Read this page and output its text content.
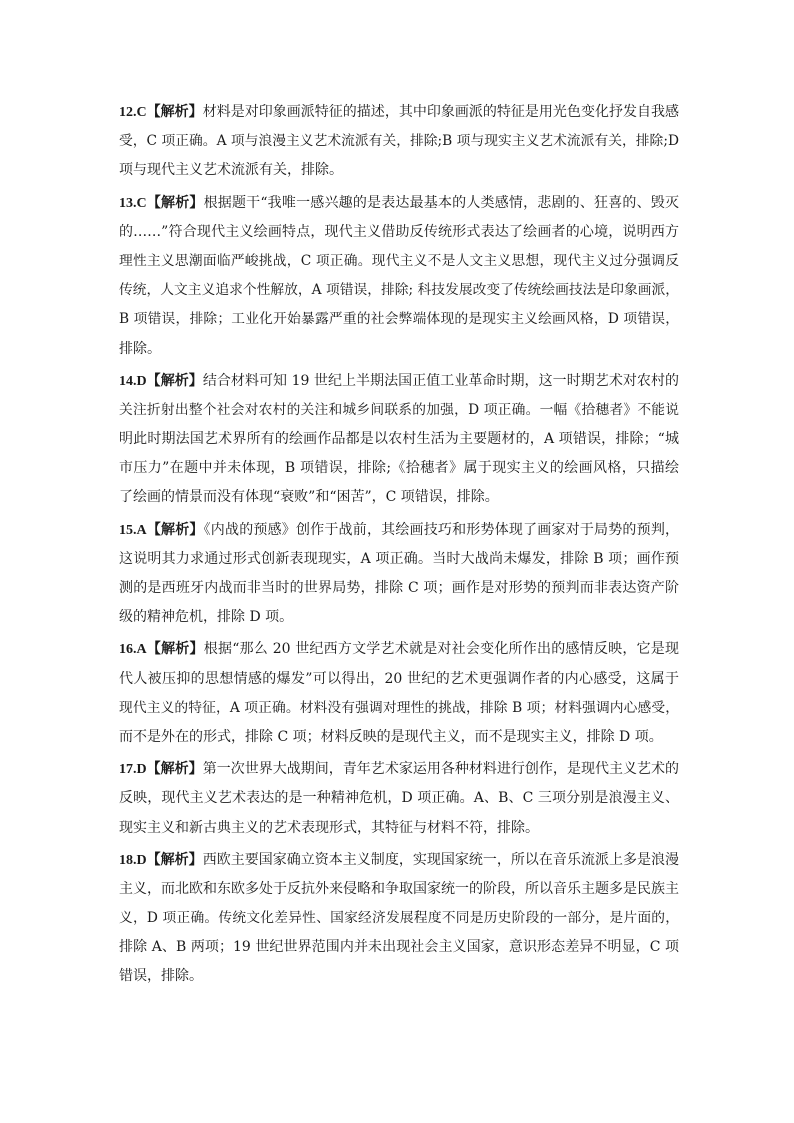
12.C【解析】材料是对印象画派特征的描述，其中印象画派的特征是用光色变化抒发自我感
受，C 项正确。A 项与浪漫主义艺术流派有关，排除;B 项与现实主义艺术流派有关，排除;D
项与现代主义艺术流派有关，排除。
13.C【解析】根据题干“我唯一感兴趣的是表达最基本的人类感情，悲剧的、狂喜的、毁灭
的……”符合现代主义绘画特点，现代主义借助反传统形式表达了绘画者的心境，说明西方
理性主义思潮面临严峻挑战，C 项正确。现代主义不是人文主义思想，现代主义过分强调反
传统，人文主义追求个性解放，A 项错误，排除; 科技发展改变了传统绘画技法是印象画派，
B 项错误，排除；工业化开始暴露严重的社会弊端体现的是现实主义绘画风格，D 项错误，
排除。
14.D【解析】结合材料可知 19 世纪上半期法国正值工业革命时期，这一时期艺术对农村的
关注折射出整个社会对农村的关注和城乡间联系的加强，D 项正确。一幅《拾穗者》不能说
明此时期法国艺术界所有的绘画作品都是以农村生活为主要题材的，A 项错误，排除；“城
市压力”在题中并未体现，B 项错误，排除;《拾穗者》属于现实主义的绘画风格，只描绘
了绘画的情景而没有体现“衰败”和“困苦”，C 项错误，排除。
15.A【解析】《内战的预感》创作于战前，其绘画技巧和形势体现了画家对于局势的预判，
这说明其力求通过形式创新表现现实，A 项正确。当时大战尚未爆发，排除 B 项；画作预
测的是西班牙内战而非当时的世界局势，排除 C 项；画作是对形势的预判而非表达资产阶
级的精神危机，排除 D 项。
16.A【解析】根据“那么 20 世纪西方文学艺术就是对社会变化所作出的感情反映，它是现
代人被压抑的思想情感的爆发”可以得出，20 世纪的艺术更强调作者的内心感受，这属于
现代主义的特征，A 项正确。材料没有强调对理性的挑战，排除 B 项；材料强调内心感受，
而不是外在的形式，排除 C 项；材料反映的是现代主义，而不是现实主义，排除 D 项。
17.D【解析】第一次世界大战期间，青年艺术家运用各种材料进行创作，是现代主义艺术的
反映，现代主义艺术表达的是一种精神危机，D 项正确。A、B、C 三项分别是浪漫主义、
现实主义和新古典主义的艺术表现形式，其特征与材料不符，排除。
18.D【解析】西欧主要国家确立资本主义制度，实现国家统一，所以在音乐流派上多是浪漫
主义，而北欧和东欧多处于反抗外来侵略和争取国家统一的阶段，所以音乐主题多是民族主
义，D 项正确。传统文化差异性、国家经济发展程度不同是历史阶段的一部分，是片面的，
排除 A、B 两项；19 世纪世界范围内并未出现社会主义国家，意识形态差异不明显，C 项
错误，排除。
